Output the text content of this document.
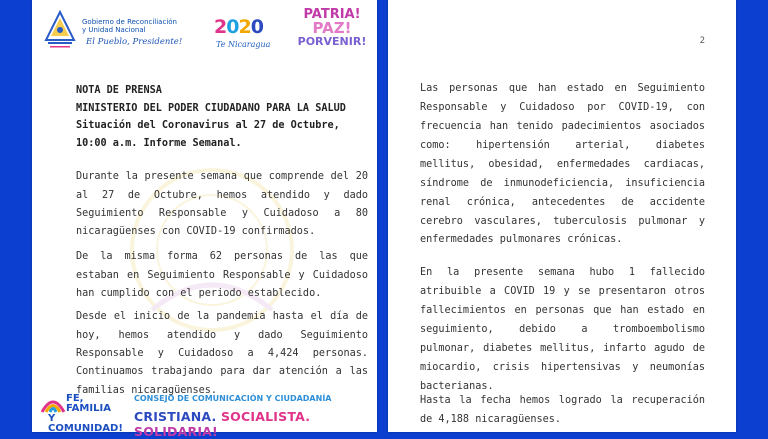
Gobierno de Reconciliación
y Unidad Nacional
El Pueblo, Presidente!
2020
Te Nicaragua
PATRIA!
PAZ!
PORVENIR!

NOTA DE PRENSA

MINISTERIO DEL PODER CIUDADANO PARA LA SALUD

Situación del Coronavirus al 27 de Octubre,

10:00 a.m. Informe Semanal.

Durante la presente semana que comprende del 20 al 27 de Octubre, hemos atendido y dado Seguimiento Responsable y Cuidadoso a 80 nicaragüenses con COVID-19 confirmados.

De la misma forma 62 personas de las que estaban en Seguimiento Responsable y Cuidadoso han cumplido con el periodo establecido.

Desde el inicio de la pandemia hasta el día de hoy, hemos atendido y dado Seguimiento Responsable y Cuidadoso a 4,424 personas. Continuamos trabajando para dar atención a las familias nicaragüenses.

FE,
FAMILIA
Y COMUNIDAD!
CONSEJO DE COMUNICACIÓN Y CIUDADANÍA
CRISTIANA. SOCIALISTA. SOLIDARIA!
2

Las personas que han estado en Seguimiento Responsable y Cuidadoso por COVID-19, con frecuencia han tenido padecimientos asociados como: hipertensión arterial, diabetes mellitus, obesidad, enfermedades cardiacas, síndrome de inmunodeficiencia, insuficiencia renal crónica, antecedentes de accidente cerebro vasculares, tuberculosis pulmonar y enfermedades pulmonares crónicas.

En la presente semana hubo 1 fallecido atribuible a COVID 19 y se presentaron otros fallecimientos en personas que han estado en seguimiento, debido a tromboembolismo pulmonar, diabetes mellitus, infarto agudo de miocardio, crisis hipertensivas y neumonías bacterianas.

Hasta la fecha hemos logrado la recuperación de 4,188 nicaragüenses.
